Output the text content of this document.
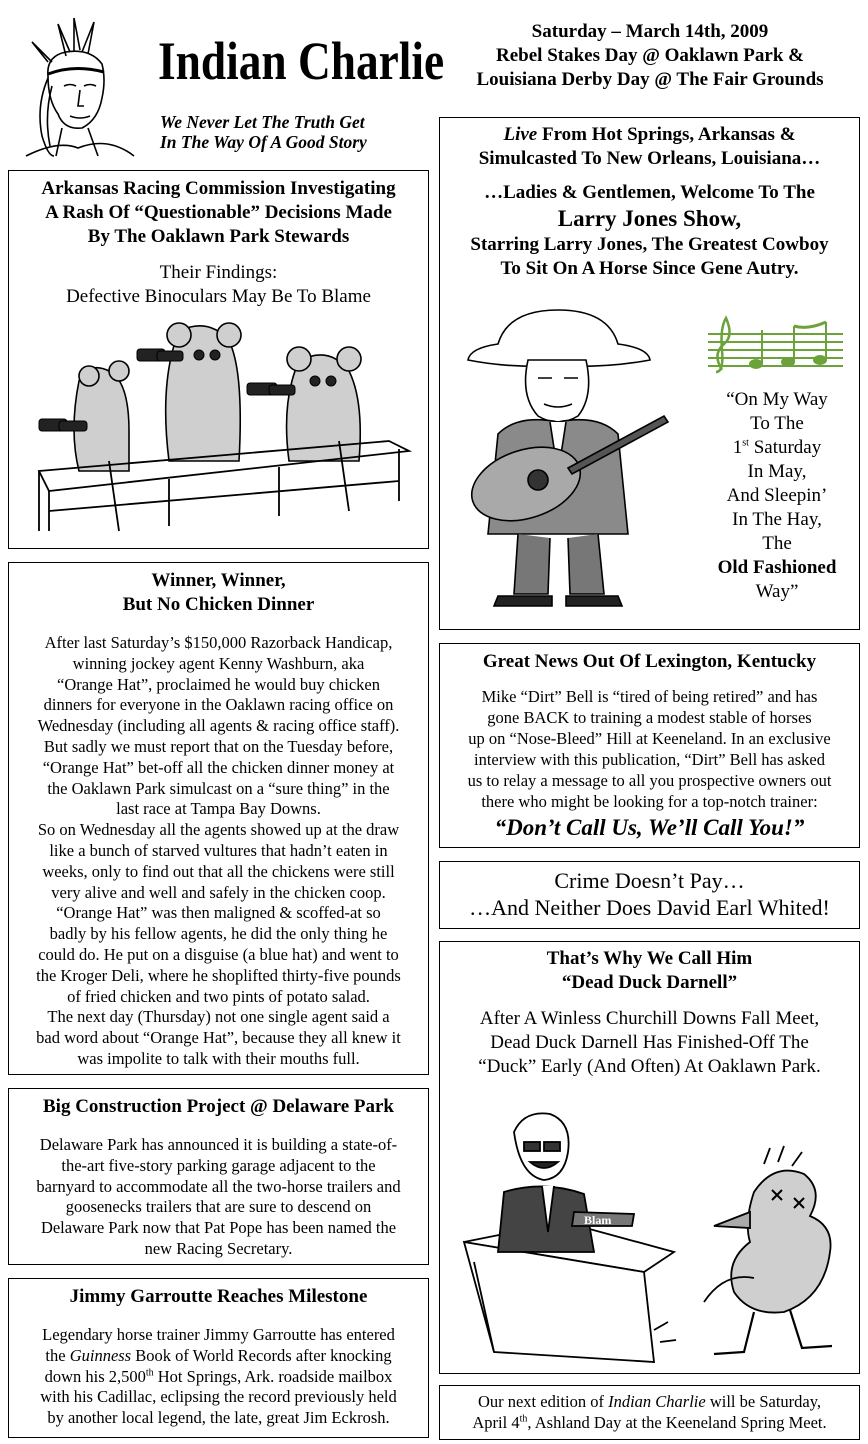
Indian Charlie
We Never Let The Truth Get
In The Way Of A Good Story
Saturday – March 14th, 2009
Rebel Stakes Day @ Oaklawn Park &
Louisiana Derby Day @ The Fair Grounds
Arkansas Racing Commission Investigating
A Rash Of “Questionable” Decisions Made
By The Oaklawn Park Stewards
Their Findings:
Defective Binoculars May Be To Blame
Winner, Winner,
But No Chicken Dinner
After last Saturday’s $150,000 Razorback Handicap,
winning jockey agent Kenny Washburn, aka
“Orange Hat”, proclaimed he would buy chicken
dinners for everyone in the Oaklawn racing office on
Wednesday (including all agents & racing office staff).
But sadly we must report that on the Tuesday before,
“Orange Hat” bet-off all the chicken dinner money at
the Oaklawn Park simulcast on a “sure thing” in the
last race at Tampa Bay Downs.
So on Wednesday all the agents showed up at the draw
like a bunch of starved vultures that hadn’t eaten in
weeks, only to find out that all the chickens were still
very alive and well and safely in the chicken coop.
“Orange Hat” was then maligned & scoffed-at so
badly by his fellow agents, he did the only thing he
could do. He put on a disguise (a blue hat) and went to
the Kroger Deli, where he shoplifted thirty-five pounds
of fried chicken and two pints of potato salad.
The next day (Thursday) not one single agent said a
bad word about “Orange Hat”, because they all knew it
was impolite to talk with their mouths full.
Big Construction Project @ Delaware Park
Delaware Park has announced it is building a state-of-
the-art five-story parking garage adjacent to the
barnyard to accommodate all the two-horse trailers and
goosenecks trailers that are sure to descend on
Delaware Park now that Pat Pope has been named the
new Racing Secretary.
Jimmy Garroutte Reaches Milestone
Legendary horse trainer Jimmy Garroutte has entered
the Guinness Book of World Records after knocking
down his 2,500th Hot Springs, Ark. roadside mailbox
with his Cadillac, eclipsing the record previously held
by another local legend, the late, great Jim Eckrosh.
Live From Hot Springs, Arkansas &
Simulcasted To New Orleans, Louisiana…
…Ladies & Gentlemen, Welcome To The
Larry Jones Show,
Starring Larry Jones, The Greatest Cowboy
To Sit On A Horse Since Gene Autry.
“On My Way
To The
1st Saturday
In May,
And Sleepin’
In The Hay,
The
Old Fashioned
Way”
Great News Out Of Lexington, Kentucky
Mike “Dirt” Bell is “tired of being retired” and has
gone BACK to training a modest stable of horses
up on “Nose-Bleed” Hill at Keeneland. In an exclusive
interview with this publication, “Dirt” Bell has asked
us to relay a message to all you prospective owners out
there who might be looking for a top-notch trainer:
“Don’t Call Us, We’ll Call You!”
Crime Doesn’t Pay…
…And Neither Does David Earl Whited!
That’s Why We Call Him
“Dead Duck Darnell”
After A Winless Churchill Downs Fall Meet,
Dead Duck Darnell Has Finished-Off The
“Duck” Early (And Often) At Oaklawn Park.
Blam
Our next edition of Indian Charlie will be Saturday,
April 4th, Ashland Day at the Keeneland Spring Meet.
